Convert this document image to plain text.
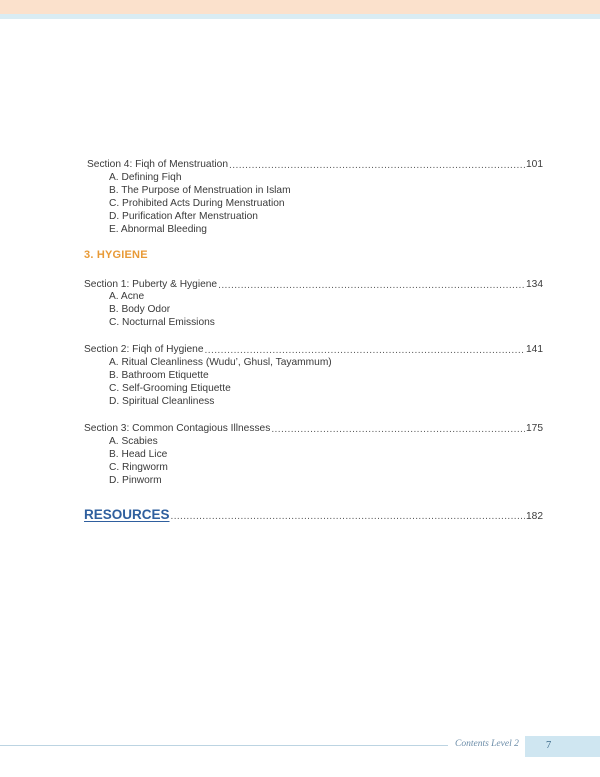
Section 4: Fiqh of Menstruation .....	101
A. Defining Fiqh
B. The Purpose of Menstruation in Islam
C. Prohibited Acts During Menstruation
D. Purification After Menstruation
E. Abnormal Bleeding
3. HYGIENE
Section 1: Puberty & Hygiene .....	134
A. Acne
B. Body Odor
C. Nocturnal Emissions
Section 2: Fiqh of Hygiene .....	141
A. Ritual Cleanliness (Wudu’, Ghusl, Tayammum)
B. Bathroom Etiquette
C. Self-Grooming Etiquette
D. Spiritual Cleanliness
Section 3: Common Contagious Illnesses .....	175
A. Scabies
B. Head Lice
C. Ringworm
D. Pinworm
RESOURCES .....	182
Contents Level 2	7
